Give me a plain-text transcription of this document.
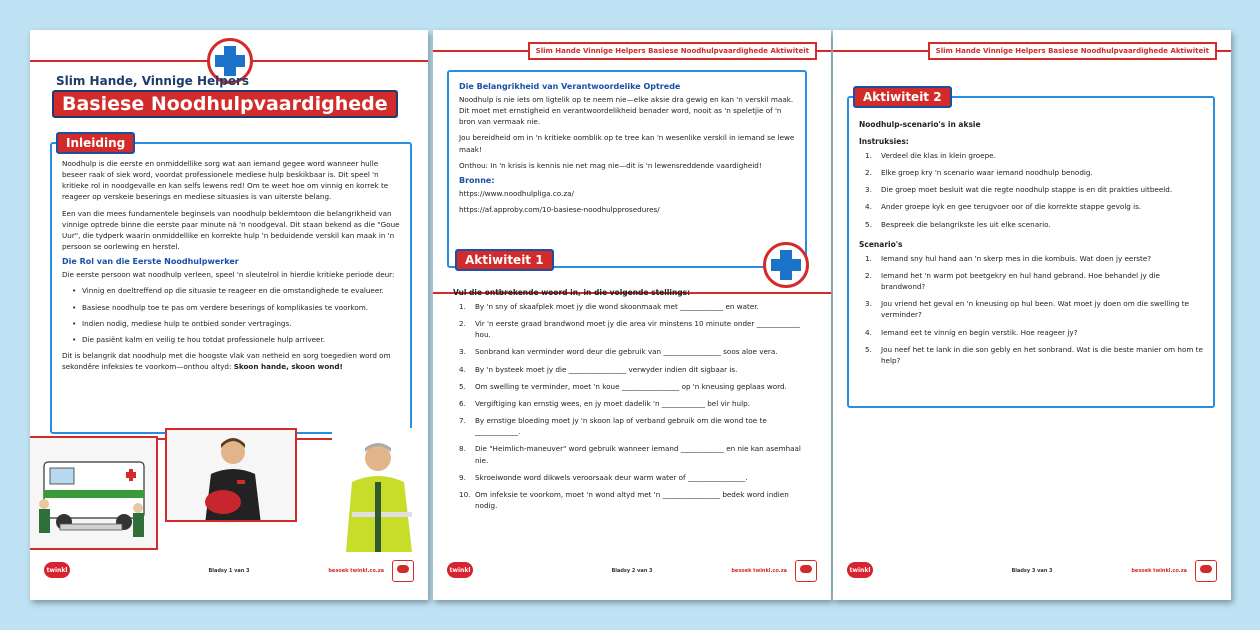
Slim Hande, Vinnige Helpers
Basiese Noodhulpvaardighede
Inleiding

Noodhulp is die eerste en onmiddellike sorg wat aan iemand gegee word wanneer hulle beseer raak of siek word, voordat professionele mediese hulp beskikbaar is. Dit speel 'n kritieke rol in noodgevalle en kan selfs lewens red! Om te weet hoe om vinnig en korrek te reageer op verskeie beserings en mediese situasies is van uiterste belang.

Een van die mees fundamentele beginsels van noodhulp beklemtoon die belangrikheid van vinnige optrede binne die eerste paar minute ná 'n noodgeval. Dit staan bekend as die "Goue Uur", die tydperk waarin onmiddellike en korrekte hulp 'n beduidende verskil kan maak in 'n persoon se oorlewing en herstel.

Die Rol van die Eerste Noodhulpwerker

Die eerste persoon wat noodhulp verleen, speel 'n sleutelrol in hierdie kritieke periode deur:

• Vinnig en doeltreffend op die situasie te reageer en die omstandighede te evalueer.
• Basiese noodhulp toe te pas om verdere beserings of komplikasies te voorkom.
• Indien nodig, mediese hulp te ontbied sonder vertragings.
• Die pasiënt kalm en veilig te hou totdat professionele hulp arriveer.

Dit is belangrik dat noodhulp met die hoogste vlak van netheid en sorg toegedien word om sekondêre infeksies te voorkom—onthou altyd: Skoon hande, skoon wond!

twinkl	Bladsy 1 van 3	besoek twinkl.co.za
Slim Hande Vinnige Helpers Basiese Noodhulpvaardighede Aktiwiteit
Die Belangrikheid van Verantwoordelike Optrede

Noodhulp is nie iets om ligtelik op te neem nie—elke aksie dra gewig en kan 'n verskil maak. Dit moet met ernstigheid en verantwoordelikheid benader word, nooit as 'n speletjie of 'n bron van vermaak nie.

Jou bereidheid om in 'n kritieke oomblik op te tree kan 'n wesenlike verskil in iemand se lewe maak!

Onthou: In 'n krisis is kennis nie net mag nie—dit is 'n lewensreddende vaardigheid!

Bronne:

https://www.noodhulpliga.co.za/

https://af.approby.com/10-basiese-noodhulpprosedures/

Aktiwiteit 1
Vul die ontbrekende woord in, in die volgende stellings:
1.	By 'n sny of skaafplek moet jy die wond skoonmaak met ____________ en water.
2.	Vir 'n eerste graad brandwond moet jy die area vir minstens 10 minute onder ____________ hou.
3.	Sonbrand kan verminder word deur die gebruik van ________________ soos aloe vera.
4.	By 'n bysteek moet jy die ________________ verwyder indien dit sigbaar is.
5.	Om swelling te verminder, moet 'n koue ________________ op 'n kneusing geplaas word.
6.	Vergiftiging kan ernstig wees, en jy moet dadelik 'n ____________ bel vir hulp.
7.	By ernstige bloeding moet jy 'n skoon lap of verband gebruik om die wond toe te ____________.
8.	Die "Heimlich-maneuver" word gebruik wanneer iemand ____________ en nie kan asemhaal nie.
9.	Skroeiwonde word dikwels veroorsaak deur warm water of ________________.
10. Om infeksie te voorkom, moet 'n wond altyd met 'n ________________ bedek word indien nodig.
twinkl	Bladsy 2 van 3	besoek twinkl.co.za
Slim Hande Vinnige Helpers Basiese Noodhulpvaardighede Aktiwiteit
Aktiwiteit 2
Noodhulp-scenario's in aksie
Instruksies:
1.	Verdeel die klas in klein groepe.
2.	Elke groep kry 'n scenario waar iemand noodhulp benodig.
3.	Die groep moet besluit wat die regte noodhulp stappe is en dit prakties uitbeeld.
4.	Ander groepe kyk en gee terugvoer oor of die korrekte stappe gevolg is.
5.	Bespreek die belangrikste les uit elke scenario.
Scenario's
1.	Iemand sny hul hand aan 'n skerp mes in die kombuis. Wat doen jy eerste?
2.	Iemand het 'n warm pot beetgekry en hul hand gebrand. Hoe behandel jy die brandwond?
3.	Jou vriend het geval en 'n kneusing op hul been. Wat moet jy doen om die swelling te verminder?
4.	Iemand eet te vinnig en begin verstik. Hoe reageer jy?
5.	Jou neef het te lank in die son gebly en het sonbrand. Wat is die beste manier om hom te help?
twinkl	Bladsy 3 van 3	besoek twinkl.co.za
